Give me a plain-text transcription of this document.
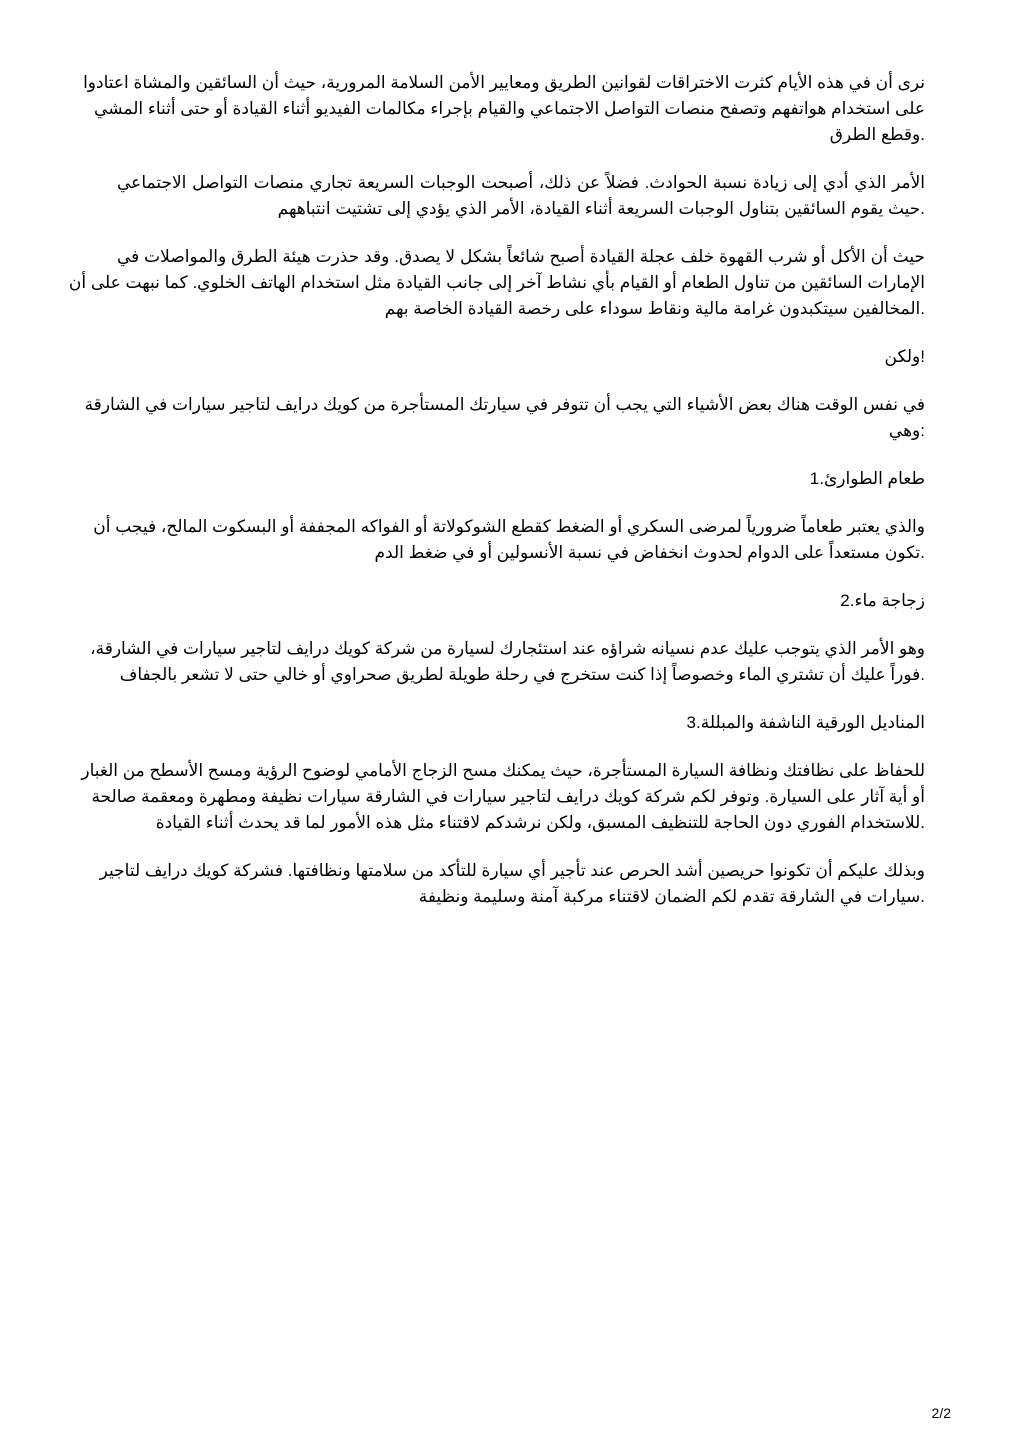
نرى أن في هذه الأيام كثرت الاختراقات لقوانين الطريق ومعايير الأمن السلامة المرورية، حيث أن السائقين والمشاة اعتادوا
على استخدام هواتفهم وتصفح منصات التواصل الاجتماعي والقيام بإجراء مكالمات الفيديو أثناء القيادة أو حتى أثناء المشي
.وقطع الطرق

الأمر الذي أدي إلى زيادة نسبة الحوادث. فضلاً عن ذلك، أصبحت الوجبات السريعة تجاري منصات التواصل الاجتماعي
.حيث يقوم السائقين بتناول الوجبات السريعة أثناء القيادة، الأمر الذي يؤدي إلى تشتيت انتباههم

حيث أن الأكل أو شرب القهوة خلف عجلة القيادة أصبح شائعاً بشكل لا يصدق. وقد حذرت هيئة الطرق والمواصلات في
الإمارات السائقين من تناول الطعام أو القيام بأي نشاط آخر إلى جانب القيادة مثل استخدام الهاتف الخلوي. كما نبهت على أن
.المخالفين سيتكبدون غرامة مالية ونقاط سوداء على رخصة القيادة الخاصة بهم

!ولكن

في نفس الوقت هناك بعض الأشياء التي يجب أن تتوفر في سيارتك المستأجرة من كويك درايف لتاجير سيارات في الشارقة
:وهي

طعام الطوارئ.1

والذي يعتبر طعاماً ضرورياً لمرضى السكري أو الضغط كقطع الشوكولاتة أو الفواكه المجففة أو البسكوت المالح، فيجب أن
.تكون مستعداً على الدوام لحدوث انخفاض في نسبة الأنسولين أو في ضغط الدم

زجاجة ماء.2

وهو الأمر الذي يتوجب عليك عدم نسيانه شراؤه عند استئجارك لسيارة من شركة كويك درايف لتاجير سيارات في الشارقة،
.فوراً عليك أن تشتري الماء وخصوصاً إذا كنت ستخرج في رحلة طويلة لطريق صحراوي أو خالي حتى لا تشعر بالجفاف

المناديل الورقية الناشفة والمبللة.3

للحفاظ على نظافتك ونظافة السيارة المستأجرة، حيث يمكنك مسح الزجاج الأمامي لوضوح الرؤية ومسح الأسطح من الغبار
أو أية آثار على السيارة. وتوفر لكم شركة كويك درايف لتاجير سيارات في الشارقة سيارات نظيفة ومطهرة ومعقمة صالحة
.للاستخدام الفوري دون الحاجة للتنظيف المسبق، ولكن نرشدكم لاقتناء مثل هذه الأمور لما قد يحدث أثناء القيادة

وبذلك عليكم أن تكونوا حريصين أشد الحرص عند تأجير أي سيارة للتأكد من سلامتها ونظافتها. فشركة كويك درايف لتاجير
.سيارات في الشارقة تقدم لكم الضمان لاقتناء مركبة آمنة وسليمة ونظيفة

2/2
